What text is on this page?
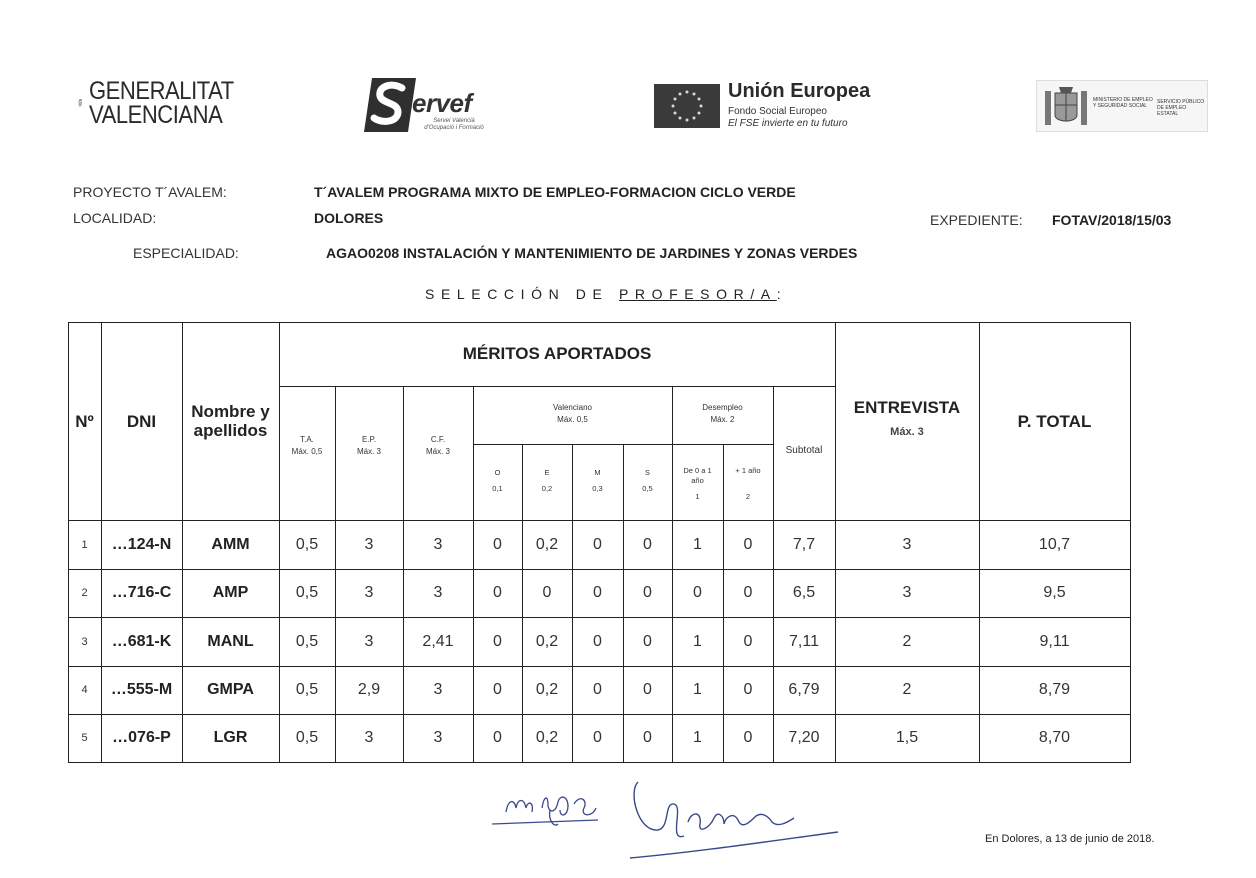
GENERALITAT
VALENCIANA	ervef
Servei Valencià d'Ocupació i Formació
Unión Europea
Fondo Social Europeo
El FSE invierte en tu futuro
MINISTERIO DE EMPLEO Y SEGURIDAD SOCIAL
SERVICIO PÚBLICO DE EMPLEO ESTATAL
PROYECTO T´AVALEM:	T´AVALEM PROGRAMA MIXTO DE EMPLEO-FORMACION CICLO VERDE
LOCALIDAD:	DOLORES	EXPEDIENTE: FOTAV/2018/15/03
ESPECIALIDAD:	AGAO0208 INSTALACIÓN Y MANTENIMIENTO DE JARDINES Y ZONAS VERDES
SELECCIÓN DE PROFESOR/A:
Nº	DNI	Nombre y apellidos
MÉRITOS APORTADOS
T.A.
Máx. 0,5
E.P.
Máx. 3
C.F.
Máx. 3
Valenciano
Máx. 0,5
O
0,1
E
0,2
M
0,3
S
0,5
Desempleo
Máx. 2
De 0 a 1 año
1
+ 1 año
2
Subtotal
ENTREVISTA
Máx. 3
P. TOTAL
1	…124-N	AMM	0,5	3	3	0	0,2	0	0	1	0	7,7	3	10,7
2	…716-C	AMP	0,5	3	3	0	0	0	0	0	0	6,5	3	9,5
3	…681-K	MANL	0,5	3	2,41	0	0,2	0	0	1	0	7,11	2	9,11
4	…555-M	GMPA	0,5	2,9	3	0	0,2	0	0	1	0	6,79	2	8,79
5	…076-P	LGR	0,5	3	3	0	0,2	0	0	1	0	7,20	1,5	8,70
En Dolores, a 13 de junio de 2018.
